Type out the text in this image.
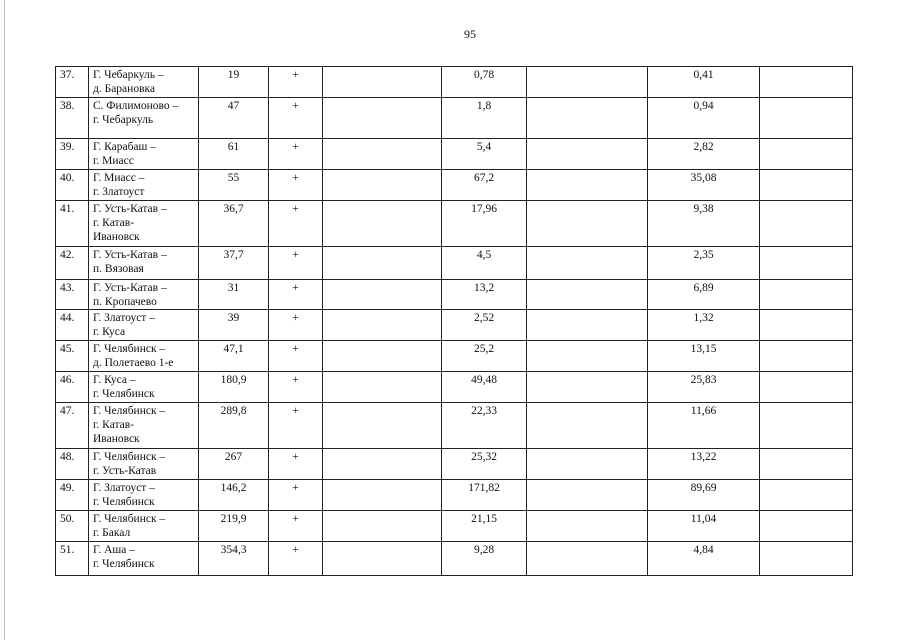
95
37.	Г. Чебаркуль –
д. Барановка	19	+		0,78		0,41	
38.	С. Филимоново –
г. Чебаркуль	47	+		1,8		0,94	
39.	Г. Карабаш –
г. Миасс	61	+		5,4		2,82	
40.	Г. Миасс –
г. Златоуст	55	+		67,2		35,08	
41.	Г. Усть-Катав –
г. Катав-
Ивановск	36,7	+		17,96		9,38	
42.	Г. Усть-Катав –
п. Вязовая	37,7	+		4,5		2,35	
43.	Г. Усть-Катав –
п. Кропачево	31	+		13,2		6,89	
44.	Г. Златоуст –
г. Куса	39	+		2,52		1,32	
45.	Г. Челябинск –
д. Полетаево 1-е	47,1	+		25,2		13,15	
46.	Г. Куса –
г. Челябинск	180,9	+		49,48		25,83	
47.	Г. Челябинск –
г. Катав-
Ивановск	289,8	+		22,33		11,66	
48.	Г. Челябинск –
г. Усть-Катав	267	+		25,32		13,22	
49.	Г. Златоуст –
г. Челябинск	146,2	+		171,82		89,69	
50.	Г. Челябинск –
г. Бакал	219,9	+		21,15		11,04	
51.	Г. Аша –
г. Челябинск	354,3	+		9,28		4,84	
